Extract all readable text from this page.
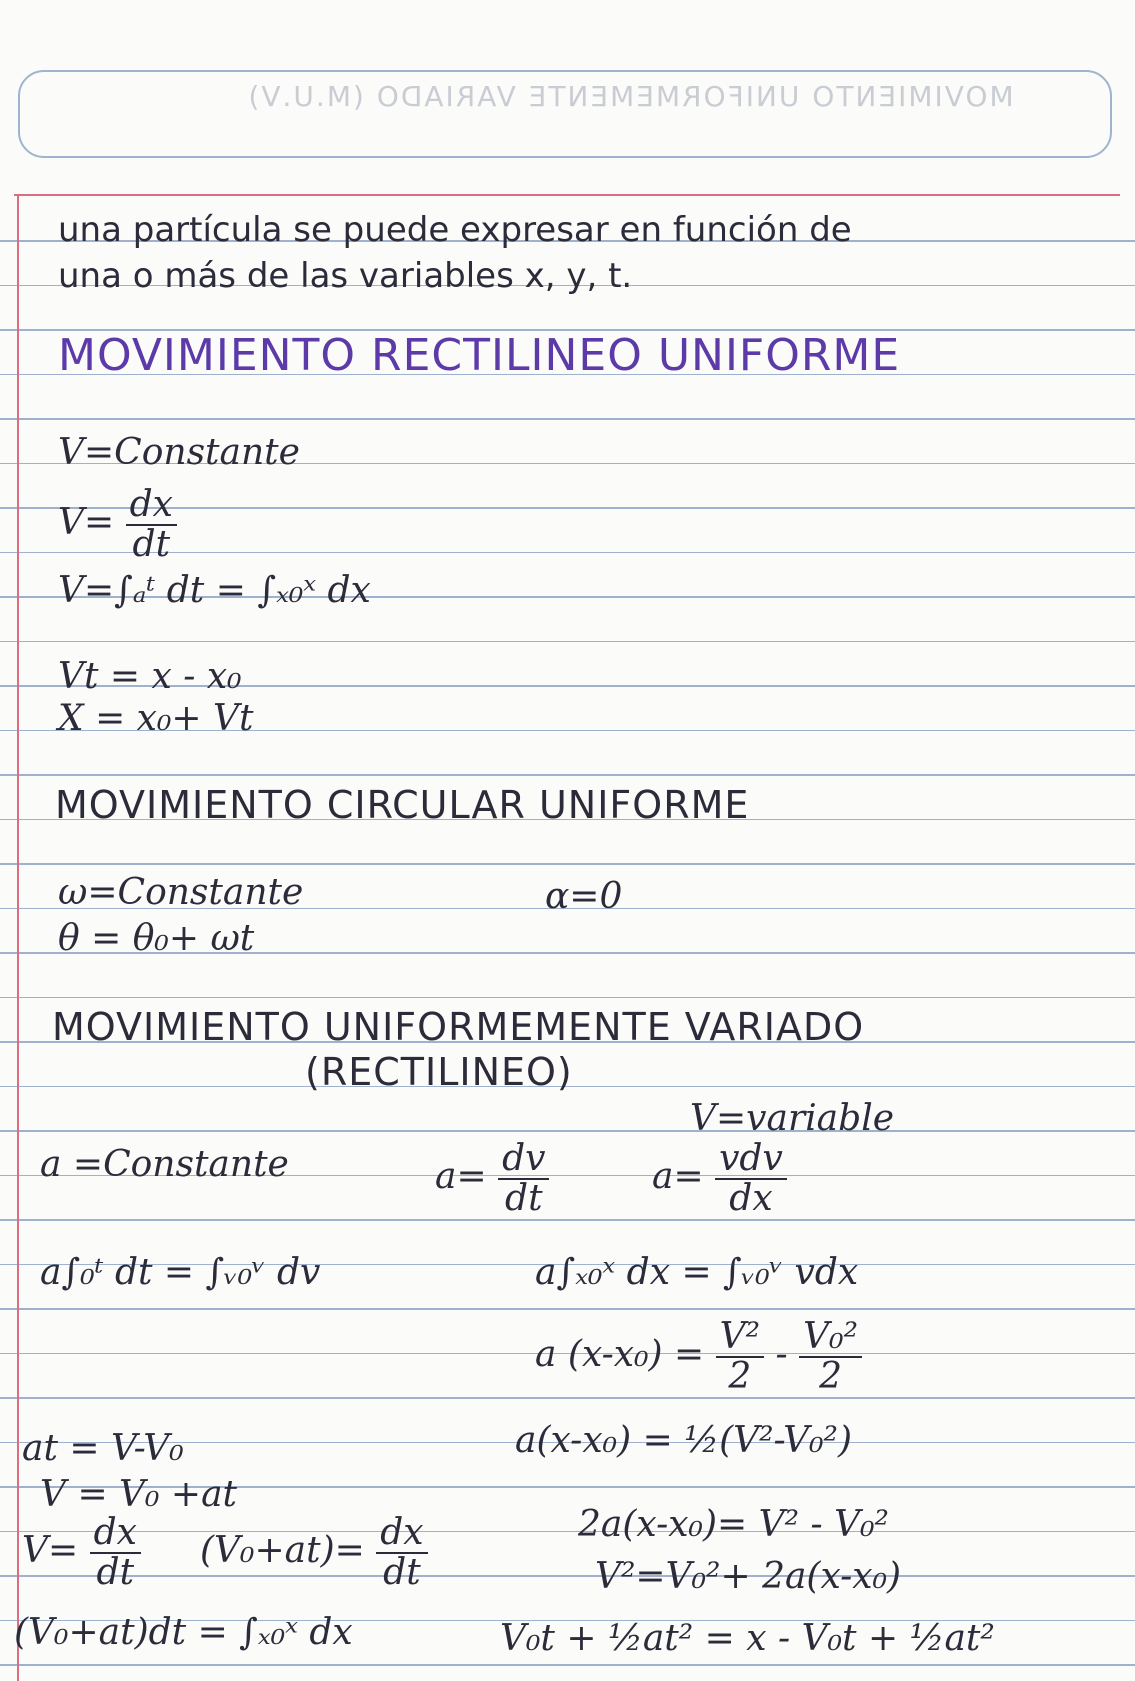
MOVIMIENTO UNIFORMEMENTE VARIADO (M.U.V)
una partícula se puede expresar en función de
una o más de las variables x, y, t.
MOVIMIENTO RECTILINEO UNIFORME
V=Constante
$V= \frac{dx}{dt}$
V=∫ₐᵗ dt = ∫ₓ₀ˣ dx
Vt = x - x₀
X = x₀+ Vt
MOVIMIENTO CIRCULAR UNIFORME
ω=Constante	α=0
θ = θ₀+ ωt
MOVIMIENTO UNIFORMEMENTE VARIADO
(RECTILINEO)
V=variable
a =Constante	$a= \frac{dv}{dt}$	$a= \frac{\text{vdv}}{dx}$
a∫₀ᵗ dt = ∫ᵥ₀ᵛ dv	a∫ₓ₀ˣ dx = ∫ᵥ₀ᵛ vdx
a $(x-x_0) = \frac{\text{V²}}{2} - \frac{\text{V₀²}}{2}$
at = V-V₀	a(x-x₀) = ½(V²-V₀²)
V = V₀ +at
$V= \frac{dx}{dt} (V_0+at)= \frac{dx}{dt}$	2a(x-x₀)= V² - V₀²
V²=V₀²+ 2a(x-x₀)
(V₀+at)dt = ∫ₓ₀ˣ dx	V₀t + ½at² = x - V₀t + ½at²
